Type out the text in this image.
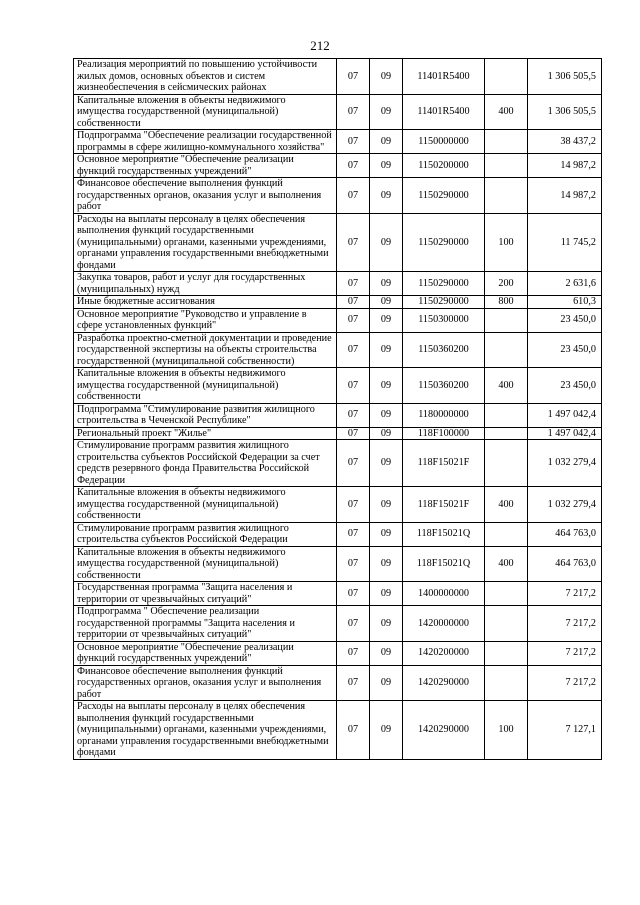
212
Реализация мероприятий по повышению устойчивости жилых домов, основных объектов и систем жизнеобеспечения в сейсмических районах	07	09	11401R5400		1 306 505,5
Капитальные вложения в объекты недвижимого имущества государственной (муниципальной) собственности	07	09	11401R5400	400	1 306 505,5
Подпрограмма "Обеспечение реализации государственной программы в сфере жилищно-коммунального хозяйства"	07	09	1150000000		38 437,2
Основное мероприятие "Обеспечение реализации функций государственных учреждений"	07	09	1150200000		14 987,2
Финансовое обеспечение выполнения функций государственных органов, оказания услуг и выполнения работ	07	09	1150290000		14 987,2
Расходы на выплаты персоналу в целях обеспечения выполнения функций государственными (муниципальными) органами, казенными учреждениями, органами управления государственными внебюджетными фондами	07	09	1150290000	100	11 745,2
Закупка товаров, работ и услуг для государственных (муниципальных) нужд	07	09	1150290000	200	2 631,6
Иные бюджетные ассигнования	07	09	1150290000	800	610,3
Основное мероприятие "Руководство и управление в сфере установленных функций"	07	09	1150300000		23 450,0
Разработка проектно-сметной документации и проведение государственной экспертизы на объекты строительства государственной (муниципальной собственности)	07	09	1150360200		23 450,0
Капитальные вложения в объекты недвижимого имущества государственной (муниципальной) собственности	07	09	1150360200	400	23 450,0
Подпрограмма "Стимулирование развития жилищного строительства в Чеченской Республике"	07	09	1180000000		1 497 042,4
Региональный проект "Жилье"	07	09	118F100000		1 497 042,4
Стимулирование программ развития жилищного строительства субъектов Российской Федерации за счет средств резервного фонда Правительства Российской Федерации	07	09	118F15021F		1 032 279,4
Капитальные вложения в объекты недвижимого имущества государственной (муниципальной) собственности	07	09	118F15021F	400	1 032 279,4
Стимулирование программ развития жилищного строительства субъектов Российской Федерации	07	09	118F15021Q		464 763,0
Капитальные вложения в объекты недвижимого имущества государственной (муниципальной) собственности	07	09	118F15021Q	400	464 763,0
Государственная программа "Защита населения и территории от чрезвычайных ситуаций"	07	09	1400000000		7 217,2
Подпрограмма " Обеспечение реализации государственной программы "Защита населения и территории от чрезвычайных ситуаций"	07	09	1420000000		7 217,2
Основное мероприятие "Обеспечение реализации функций государственных учреждений"	07	09	1420200000		7 217,2
Финансовое обеспечение выполнения функций государственных органов, оказания услуг и выполнения работ	07	09	1420290000		7 217,2
Расходы на выплаты персоналу в целях обеспечения выполнения функций государственными (муниципальными) органами, казенными учреждениями, органами управления государственными внебюджетными фондами	07	09	1420290000	100	7 127,1
